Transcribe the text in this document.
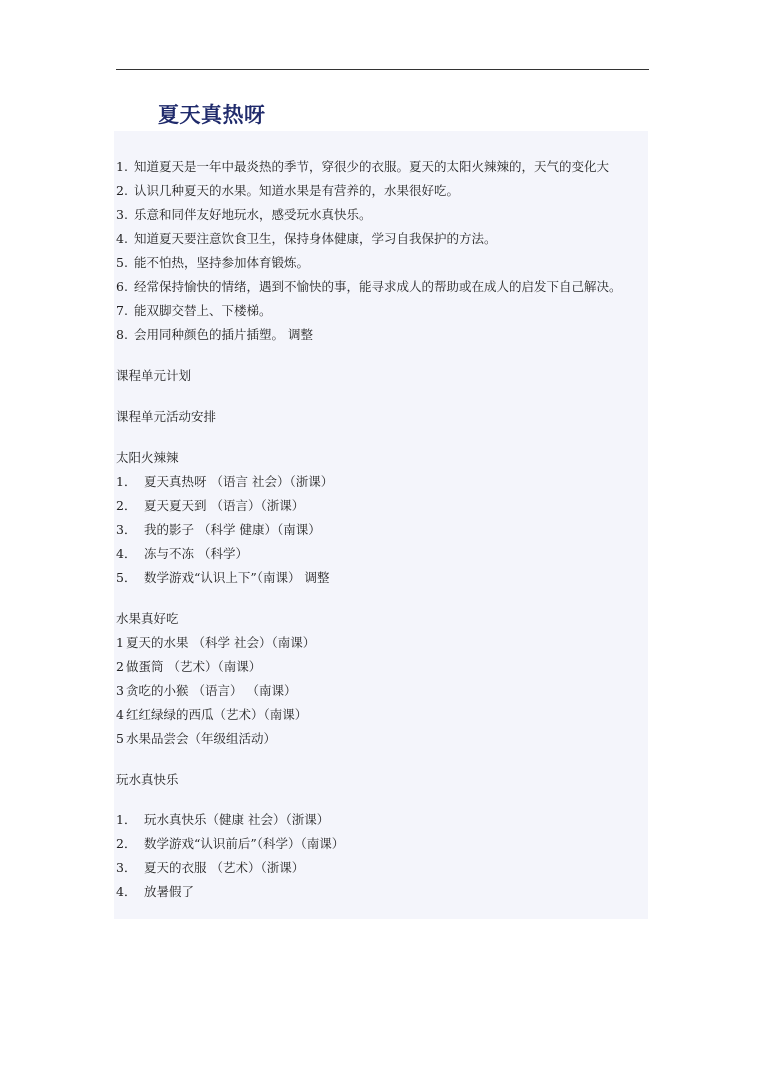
夏天真热呀
1. 知道夏天是一年中最炎热的季节，穿很少的衣服。夏天的太阳火辣辣的，天气的变化大
2. 认识几种夏天的水果。知道水果是有营养的，水果很好吃。
3. 乐意和同伴友好地玩水，感受玩水真快乐。
4. 知道夏天要注意饮食卫生，保持身体健康，学习自我保护的方法。
5. 能不怕热，坚持参加体育锻炼。
6. 经常保持愉快的情绪，遇到不愉快的事，能寻求成人的帮助或在成人的启发下自己解决。
7. 能双脚交替上、下楼梯。
8. 会用同种颜色的插片插塑。 调整
课程单元计划
课程单元活动安排
太阳火辣辣
1． 夏天真热呀 （语言 社会）（浙课）
2． 夏天夏天到 （语言）（浙课）
3． 我的影子 （科学 健康）（南课）
4． 冻与不冻 （科学）
5． 数学游戏“认识上下”（南课） 调整
水果真好吃
1 夏天的水果 （科学 社会）（南课）
2 做蛋筒 （艺术）（南课）
3 贪吃的小猴 （语言） （南课）
4 红红绿绿的西瓜（艺术）（南课）
5 水果品尝会（年级组活动）
玩水真快乐
1． 玩水真快乐（健康 社会）（浙课）
2． 数学游戏“认识前后”（科学）（南课）
3． 夏天的衣服 （艺术）（浙课）
4． 放暑假了
